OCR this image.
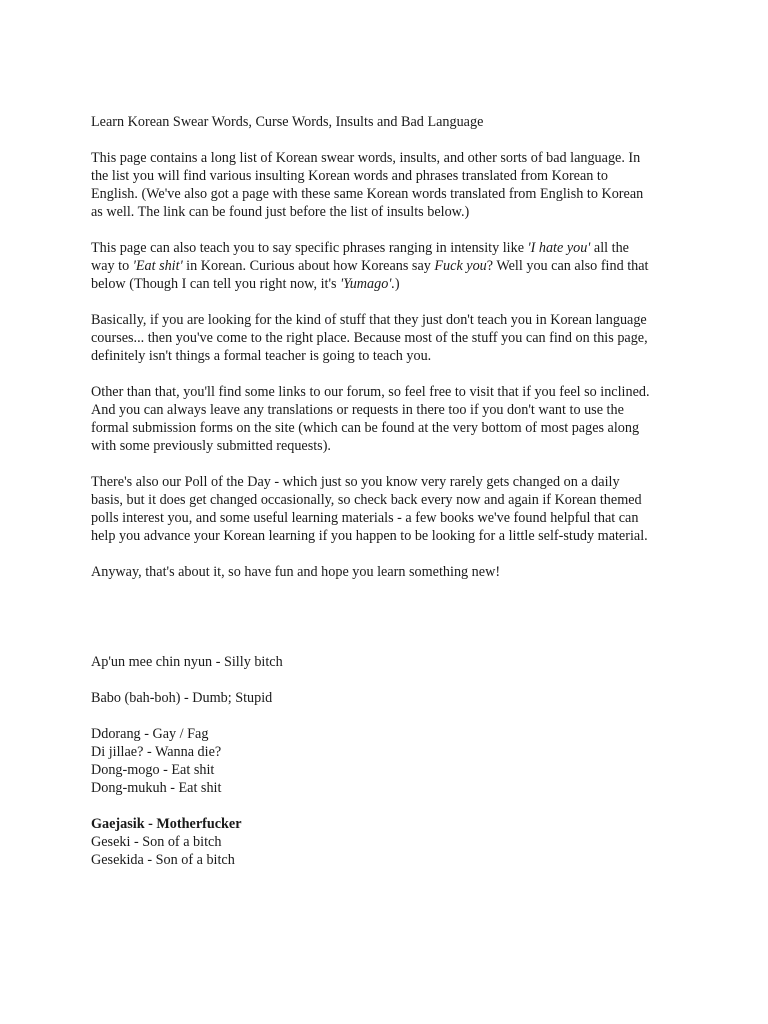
Learn Korean Swear Words, Curse Words, Insults and Bad Language

This page contains a long list of Korean swear words, insults, and other sorts of bad language. In the list you will find various insulting Korean words and phrases translated from Korean to English. (We've also got a page with these same Korean words translated from English to Korean as well. The link can be found just before the list of insults below.)

This page can also teach you to say specific phrases ranging in intensity like 'I hate you' all the way to 'Eat shit' in Korean. Curious about how Koreans say Fuck you? Well you can also find that below (Though I can tell you right now, it's 'Yumago'.)

Basically, if you are looking for the kind of stuff that they just don't teach you in Korean language courses... then you've come to the right place. Because most of the stuff you can find on this page, definitely isn't things a formal teacher is going to teach you.

Other than that, you'll find some links to our forum, so feel free to visit that if you feel so inclined. And you can always leave any translations or requests in there too if you don't want to use the formal submission forms on the site (which can be found at the very bottom of most pages along with some previously submitted requests).

There's also our Poll of the Day - which just so you know very rarely gets changed on a daily basis, but it does get changed occasionally, so check back every now and again if Korean themed polls interest you, and some useful learning materials - a few books we've found helpful that can help you advance your Korean learning if you happen to be looking for a little self-study material.

Anyway, that's about it, so have fun and hope you learn something new!

Ap'un mee chin nyun - Silly bitch

Babo (bah-boh) - Dumb; Stupid

Ddorang - Gay / Fag

Di jillae? - Wanna die?

Dong-mogo - Eat shit

Dong-mukuh - Eat shit

Gaejasik - Motherfucker

Geseki - Son of a bitch

Gesekida - Son of a bitch
